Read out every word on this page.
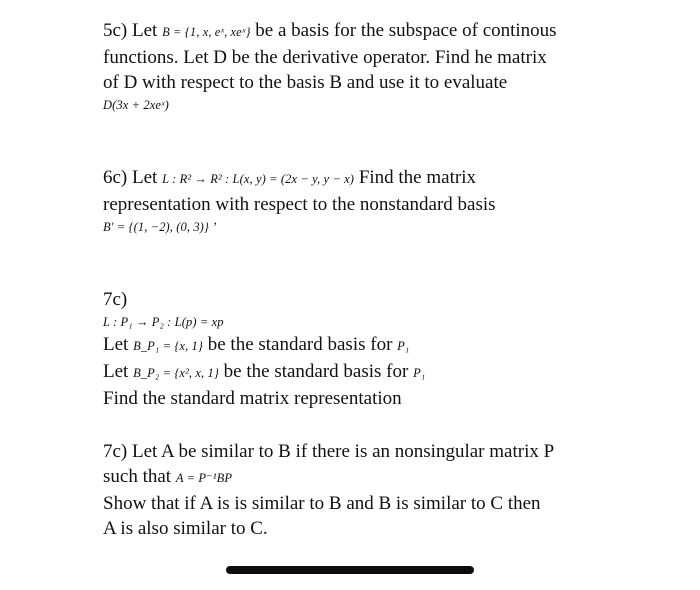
5c) Let B = {1, x, eˣ, xeˣ} be a basis for the subspace of continous
functions. Let D be the derivative operator. Find he matrix
of D with respect to the basis B and use it to evaluate
D(3x + 2xeˣ)
6c) Let L : R² → R² : L(x, y) = (2x − y, y − x) Find the matrix
representation with respect to the nonstandard basis
B' = {(1, −2), (0, 3)} ’
7c)
L : P₁ → P₂ : L(p) = xp
Let B_P₁ = {x, 1} be the standard basis for P₁
Let B_P₂ = {x², x, 1} be the standard basis for P₁
Find the standard matrix representation
7c) Let A be similar to B if there is an nonsingular matrix P
such that A = P⁻¹BP
Show that if A is is similar to B and B is similar to C then
A is also similar to C.
